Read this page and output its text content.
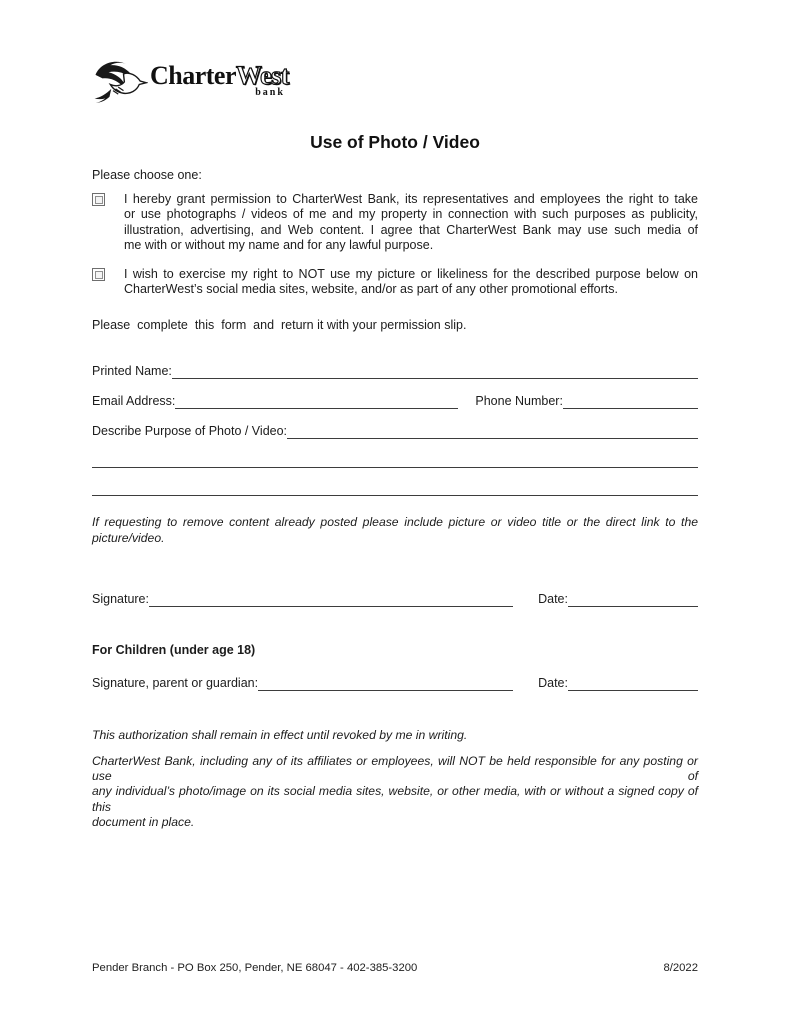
CharterWest
bank
Use of Photo / Video
Please choose one:
I hereby grant permission to CharterWest Bank, its representatives and employees the right to take
or use photographs / videos of me and my property in connection with such purposes as publicity,
illustration, advertising, and Web content. I agree that CharterWest Bank may use such media of
me with or without my name and for any lawful purpose.
I wish to exercise my right to NOT use my picture or likeliness for the described purpose below on
CharterWest’s social media sites, website, and/or as part of any other promotional efforts.
Please  complete  this  form  and  return it with your permission slip.
Printed Name:
Email Address:	Phone Number:
Describe Purpose of Photo / Video:
If requesting to remove content already posted please include picture or video title or the direct link to the
picture/video.
Signature:	Date:
For Children (under age 18)
Signature, parent or guardian:	Date:
This authorization shall remain in effect until revoked by me in writing.
CharterWest Bank, including any of its affiliates or employees, will NOT be held responsible for any posting or use of
any individual’s photo/image on its social media sites, website, or other media, with or without a signed copy of this
document in place.
Pender Branch - PO Box 250, Pender, NE 68047 - 402-385-3200	8/2022
